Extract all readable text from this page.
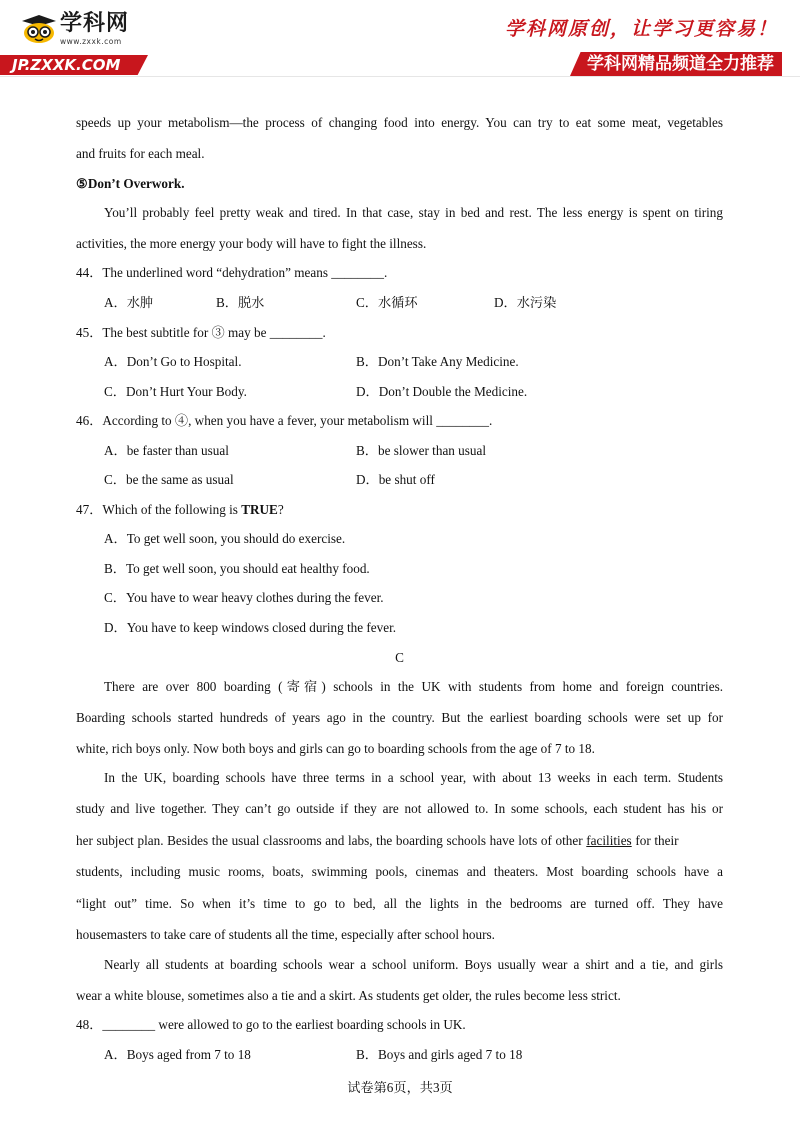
学科网
www.zxxk.com
JP.ZXXK.COM
学科网原创，让学习更容易！
学科网精品频道全力推荐
speeds up your metabolism—the process of changing food into energy. You can try to eat some meat, vegetables
and fruits for each meal.
⑤Don’t Overwork.
You’ll probably feel pretty weak and tired. In that case, stay in bed and rest. The less energy is spent on tiring
activities, the more energy your body will have to fight the illness.
44．The underlined word “dehydration” means ________.
A．水肿	B．脱水	C．水循环	D．水污染
45．The best subtitle for ③ may be ________.
A．Don’t Go to Hospital.	B．Don’t Take Any Medicine.
C．Don’t Hurt Your Body.	D．Don’t Double the Medicine.
46．According to ④, when you have a fever, your metabolism will ________.
A．be faster than usual	B．be slower than usual
C．be the same as usual	D．be shut off
47．Which of the following is TRUE?
A．To get well soon, you should do exercise.
B．To get well soon, you should eat healthy food.
C．You have to wear heavy clothes during the fever.
D．You have to keep windows closed during the fever.
C
There are over 800 boarding (寄宿) schools in the UK with students from home and foreign countries.
Boarding schools started hundreds of years ago in the country. But the earliest boarding schools were set up for
white, rich boys only. Now both boys and girls can go to boarding schools from the age of 7 to 18.
In the UK, boarding schools have three terms in a school year, with about 13 weeks in each term. Students
study and live together. They can’t go outside if they are not allowed to. In some schools, each student has his or
her subject plan. Besides the usual classrooms and labs, the boarding schools have lots of other facilities for their
students, including music rooms, boats, swimming pools, cinemas and theaters. Most boarding schools have a
“light out” time. So when it’s time to go to bed, all the lights in the bedrooms are turned off. They have
housemasters to take care of students all the time, especially after school hours.
Nearly all students at boarding schools wear a school uniform. Boys usually wear a shirt and a tie, and girls
wear a white blouse, sometimes also a tie and a skirt. As students get older, the rules become less strict.
48．________ were allowed to go to the earliest boarding schools in UK.
A．Boys aged from 7 to 18	B．Boys and girls aged 7 to 18
试卷第6页，共3页
